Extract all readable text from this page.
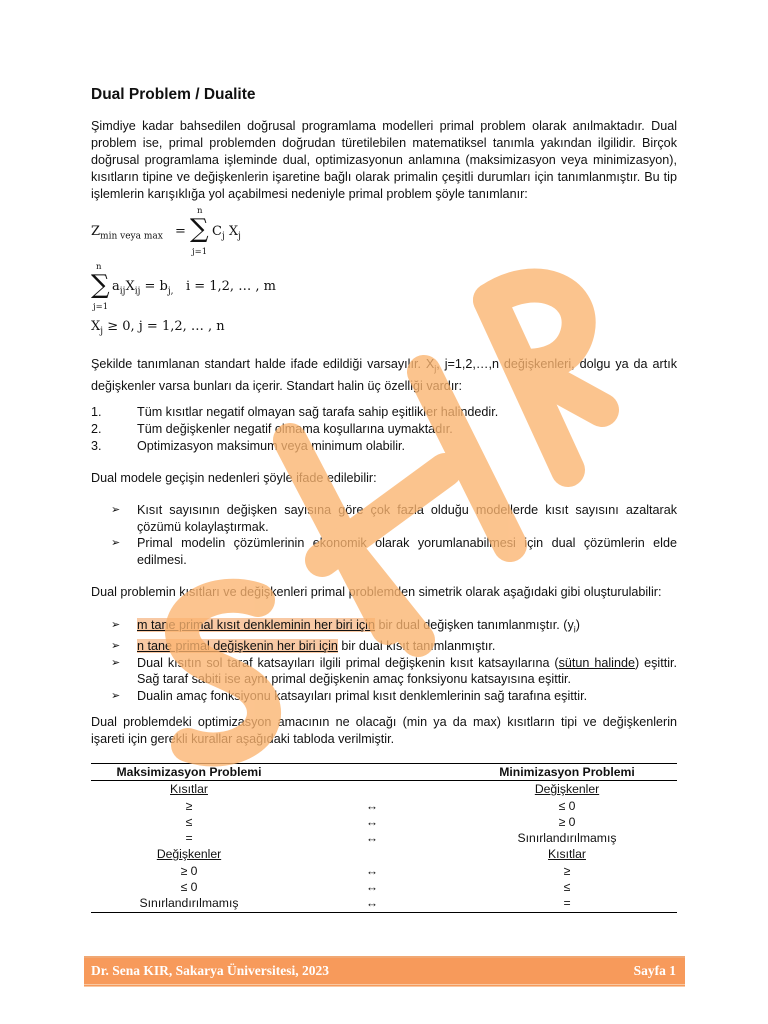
Dual Problem / Dualite

Şimdiye kadar bahsedilen doğrusal programlama modelleri primal problem olarak anılmaktadır. Dual problem ise, primal problemden doğrudan türetilebilen matematiksel tanımla yakından ilgilidir. Birçok doğrusal programlama işleminde dual, optimizasyonun anlamına (maksimizasyon veya minimizasyon), kısıtların tipine ve değişkenlerin işaretine bağlı olarak primalin çeşitli durumları için tanımlanmıştır. Bu tip işlemlerin karışıklığa yol açabilmesi nedeniyle primal problem şöyle tanımlanır:

$Z_{min veya max}$ =
n
∑
j=1
$C_j$ $X_j$
n
∑
j=1
$a_{ij}X_{ij} = b_{j,}$ i = 1,2, … , m
$X_j \ge 0$, j = 1,2, … , n

Şekilde tanımlanan standart halde ifade edildiği varsayılır. $X_j$, j=1,2,…,n değişkenleri, dolgu ya da artık değişkenler varsa bunları da içerir. Standart halin üç özelliği vardır:

1.	Tüm kısıtlar negatif olmayan sağ tarafa sahip eşitlikler halindedir.
2.	Tüm değişkenler negatif olmama koşullarına uymaktadır.
3.	Optimizasyon maksimum veya minimum olabilir.

Dual modele geçişin nedenleri şöyle ifade edilebilir:

➢ Kısıt sayısının değişken sayısına göre çok fazla olduğu modellerde kısıt sayısını azaltarak çözümü kolaylaştırmak.
➢ Primal modelin çözümlerinin ekonomik olarak yorumlanabilmesi için dual çözümlerin elde edilmesi.

Dual problemin kısıtları ve değişkenleri primal problemden simetrik olarak aşağıdaki gibi oluşturulabilir:

➢ m tane primal kısıt denkleminin her biri için bir dual değişken tanımlanmıştır. $(y_i)$
➢ n tane primal değişkenin her biri için bir dual kısıt tanımlanmıştır.
➢ Dual kısıtın sol taraf katsayıları ilgili primal değişkenin kısıt katsayılarına (sütun halinde) eşittir. Sağ taraf sabiti ise aynı primal değişkenin amaç fonksiyonu katsayısına eşittir.
➢ Dualin amaç fonksiyonu katsayıları primal kısıt denklemlerinin sağ tarafına eşittir.

Dual problemdeki optimizasyon amacının ne olacağı (min ya da max) kısıtların tipi ve değişkenlerin işareti için gerekli kurallar aşağıdaki tabloda verilmiştir.

Maksimizasyon Problemi		Minimizasyon Problemi
Kısıtlar		Değişkenler
≥	↔	≤ 0
≤	↔	≥ 0
=	↔	Sınırlandırılmamış
Değişkenler		Kısıtlar
≥ 0	↔	≥
≤ 0	↔	≤
Sınırlandırılmamış	↔	=
Dr. Sena KIR, Sakarya Üniversitesi, 2023	Sayfa 1
